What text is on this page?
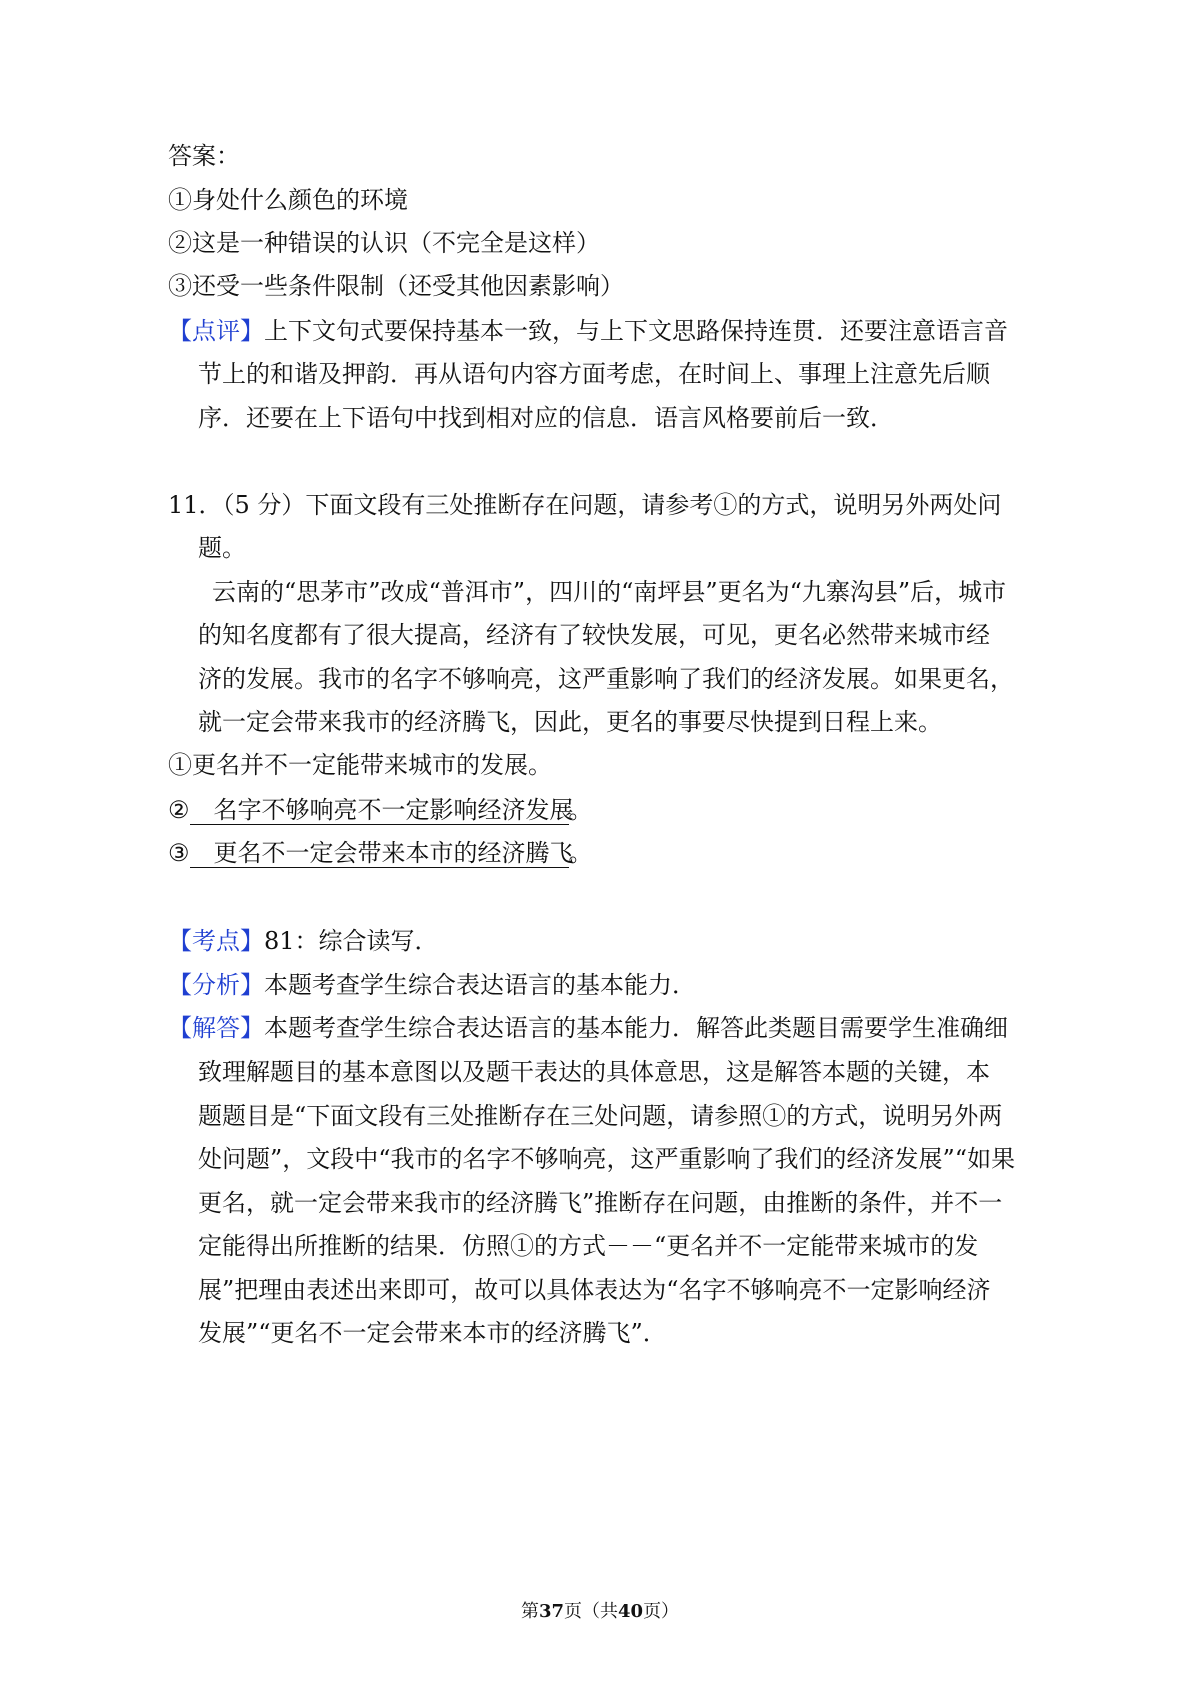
答案：
①身处什么颜色的环境
②这是一种错误的认识（不完全是这样）
③还受一些条件限制（还受其他因素影响）
【点评】上下文句式要保持基本一致，与上下文思路保持连贯．还要注意语言音
节上的和谐及押韵．再从语句内容方面考虑，在时间上、事理上注意先后顺
序．还要在上下语句中找到相对应的信息．语言风格要前后一致．
11．（5 分）下面文段有三处推断存在问题，请参考①的方式，说明另外两处问
题。
云南的“思茅市”改成“普洱市”，四川的“南坪县”更名为“九寨沟县”后，城市
的知名度都有了很大提高，经济有了较快发展，可见，更名必然带来城市经
济的发展。我市的名字不够响亮，这严重影响了我们的经济发展。如果更名，
就一定会带来我市的经济腾飞，因此，更名的事要尽快提到日程上来。
①更名并不一定能带来城市的发展。
② 名字不够响亮不一定影响经济发展。
③ 更名不一定会带来本市的经济腾飞。
【考点】81：综合读写．
【分析】本题考查学生综合表达语言的基本能力．
【解答】本题考查学生综合表达语言的基本能力．解答此类题目需要学生准确细
致理解题目的基本意图以及题干表达的具体意思，这是解答本题的关键，本
题题目是“下面文段有三处推断存在三处问题，请参照①的方式，说明另外两
处问题”，文段中“我市的名字不够响亮，这严重影响了我们的经济发展”“如果
更名，就一定会带来我市的经济腾飞”推断存在问题，由推断的条件，并不一
定能得出所推断的结果．仿照①的方式－－“更名并不一定能带来城市的发
展”把理由表述出来即可，故可以具体表达为“名字不够响亮不一定影响经济
发展”“更名不一定会带来本市的经济腾飞”．
第37页（共40页）
